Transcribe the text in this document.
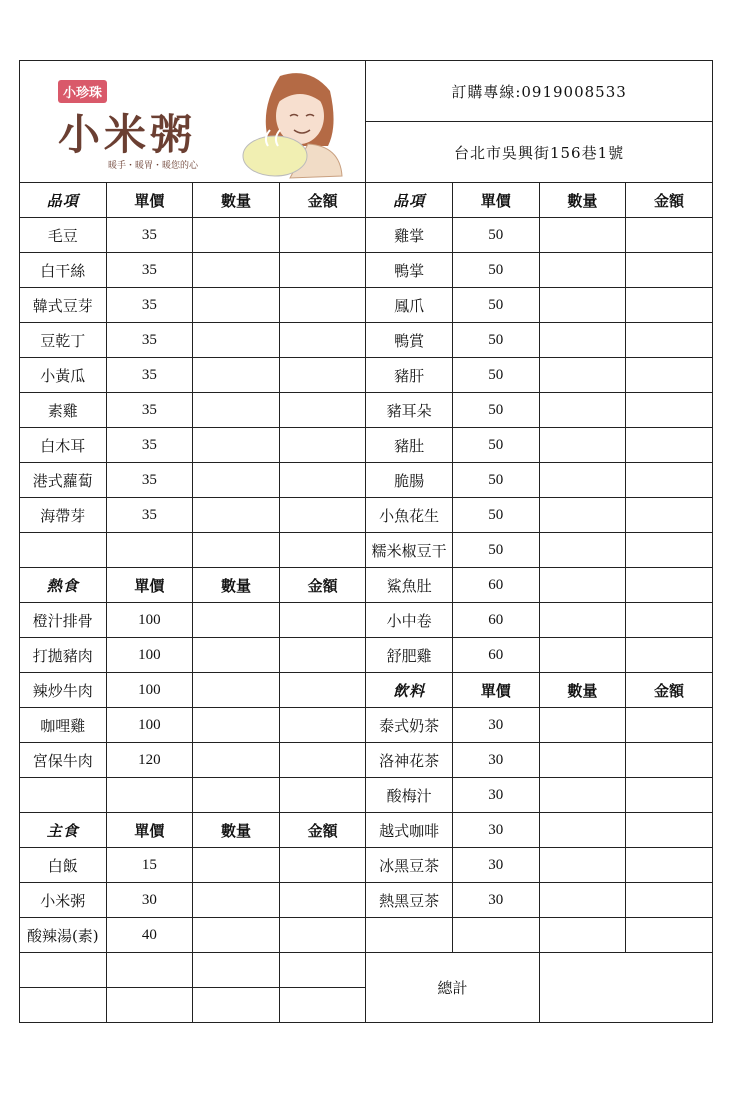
小珍珠
小米粥
暖手・暖胃・暖您的心				訂購專線:0919008533			
				台北市吳興街156巷1號			
品項	單價	數量	金額	品項	單價	數量	金額
毛豆	35			雞掌	50		
白干絲	35			鴨掌	50		
韓式豆芽	35			鳳爪	50		
豆乾丁	35			鴨賞	50		
小黃瓜	35			豬肝	50		
素雞	35			豬耳朵	50		
白木耳	35			豬肚	50		
港式蘿蔔	35			脆腸	50		
海帶芽	35			小魚花生	50		
				糯米椒豆干	50		
熱食	單價	數量	金額	鯊魚肚	60		
橙汁排骨	100			小中卷	60		
打拋豬肉	100			舒肥雞	60		
辣炒牛肉	100			飲料	單價	數量	金額
咖哩雞	100			泰式奶茶	30		
宮保牛肉	120			洛神花茶	30		
				酸梅汁	30		
主食	單價	數量	金額	越式咖啡	30		
白飯	15			冰黑豆茶	30		
小米粥	30			熱黑豆茶	30		
酸辣湯(素)	40						
				總計			
